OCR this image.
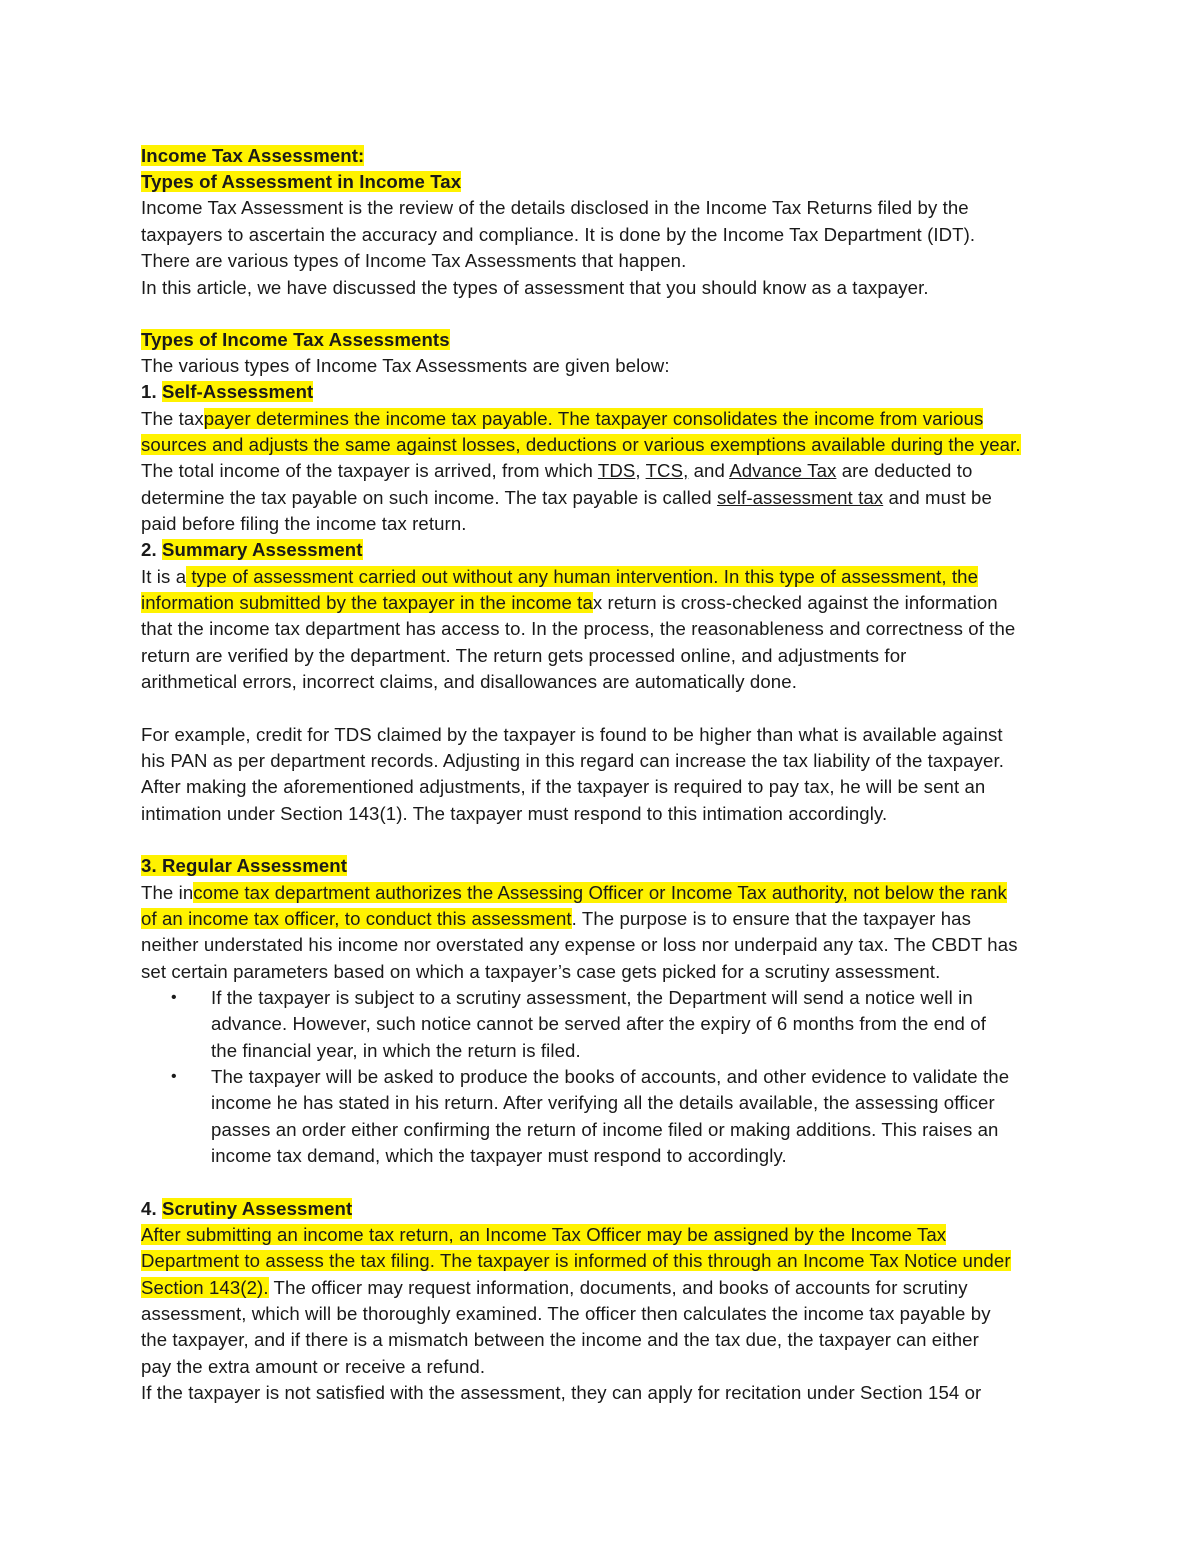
Income Tax Assessment:
Types of Assessment in Income Tax
Income Tax Assessment is the review of the details disclosed in the Income Tax Returns filed by the
taxpayers to ascertain the accuracy and compliance. It is done by the Income Tax Department (IDT).
There are various types of Income Tax Assessments that happen.
In this article, we have discussed the types of assessment that you should know as a taxpayer.
Types of Income Tax Assessments
The various types of Income Tax Assessments are given below:
1. Self-Assessment
The taxpayer determines the income tax payable. The taxpayer consolidates the income from various
sources and adjusts the same against losses, deductions or various exemptions available during the year.
The total income of the taxpayer is arrived, from which TDS, TCS, and Advance Tax are deducted to
determine the tax payable on such income. The tax payable is called self-assessment tax and must be
paid before filing the income tax return.
2. Summary Assessment
It is a type of assessment carried out without any human intervention. In this type of assessment, the
information submitted by the taxpayer in the income tax return is cross-checked against the information
that the income tax department has access to. In the process, the reasonableness and correctness of the
return are verified by the department. The return gets processed online, and adjustments for
arithmetical errors, incorrect claims, and disallowances are automatically done.
For example, credit for TDS claimed by the taxpayer is found to be higher than what is available against
his PAN as per department records. Adjusting in this regard can increase the tax liability of the taxpayer.
After making the aforementioned adjustments, if the taxpayer is required to pay tax, he will be sent an
intimation under Section 143(1). The taxpayer must respond to this intimation accordingly.
3. Regular Assessment
The income tax department authorizes the Assessing Officer or Income Tax authority, not below the rank
of an income tax officer, to conduct this assessment. The purpose is to ensure that the taxpayer has
neither understated his income nor overstated any expense or loss nor underpaid any tax. The CBDT has
set certain parameters based on which a taxpayer’s case gets picked for a scrutiny assessment.
• If the taxpayer is subject to a scrutiny assessment, the Department will send a notice well in
advance. However, such notice cannot be served after the expiry of 6 months from the end of
the financial year, in which the return is filed.
• The taxpayer will be asked to produce the books of accounts, and other evidence to validate the
income he has stated in his return. After verifying all the details available, the assessing officer
passes an order either confirming the return of income filed or making additions. This raises an
income tax demand, which the taxpayer must respond to accordingly.
4. Scrutiny Assessment
After submitting an income tax return, an Income Tax Officer may be assigned by the Income Tax
Department to assess the tax filing. The taxpayer is informed of this through an Income Tax Notice under
Section 143(2). The officer may request information, documents, and books of accounts for scrutiny
assessment, which will be thoroughly examined. The officer then calculates the income tax payable by
the taxpayer, and if there is a mismatch between the income and the tax due, the taxpayer can either
pay the extra amount or receive a refund.
If the taxpayer is not satisfied with the assessment, they can apply for recitation under Section 154 or
